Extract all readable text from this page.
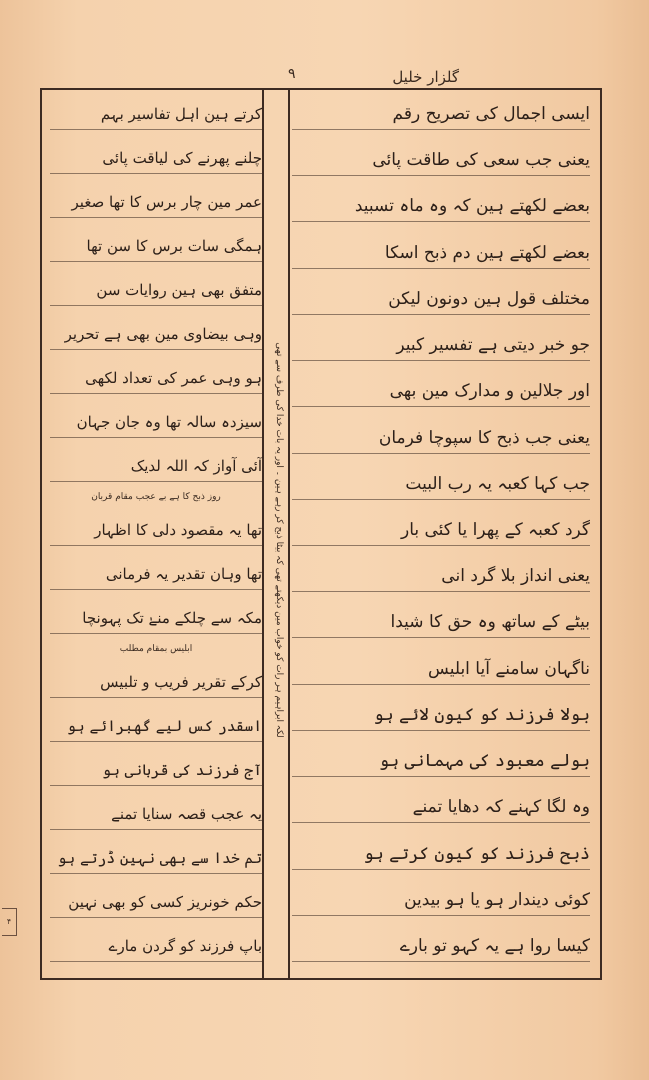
گلزار خلیل
۹
ایسی اجمال کی تصریح رقم
یعنی جب سعی کی طاقت پائی
بعضے لکھتے ہین کہ وہ ماہ تسبید
بعضے لکھتے ہین دم ذبح اسکا
مختلف قول ہین دونون لیکن
جو خبر دیتی ہے تفسیر کبیر
اور جلالین و مدارک مین بھی
یعنی جب ذبح کا سپوچا فرمان
جب کہا کعبہ یہ رب البیت
گرد کعبہ کے پھرا یا کئی بار
یعنی انداز بلا گرد انی
بیٹے کے ساتھ وہ حق کا شیدا
ناگہان سامنے آیا ابلیس
بولا فرزند کو کیون لائے ہو
بولے معبود کی مہمانی ہو
وہ لگا کہنے کہ دھایا تمنے
ذبح فرزند کو کیون کرتے ہو
کوئی دیندار ہو یا ہو بیدین
کیسا روا ہے یہ کہو تو بارے
کرتے ہین اہل تفاسیر بہم
چلنے پھرنے کی لیاقت پائی
عمر مین چار برس کا تھا صغیر
ہمگی سات برس کا سن تھا
متفق بھی ہین روایات سن
وہی بیضاوی مین بھی ہے تحریر
ہو وہی عمر کی تعداد لکھی
سیزدہ سالہ تھا وہ جان جہان
آئی آواز کہ اللہ لدیک
روز ذبح کا ہے بے عجب مقام قربان
تھا یہ مقصود دلی کا اظہار
تھا وہان تقدیر یہ فرمانی
مکہ سے چلکے منےٰ تک پہونچا
ابلیس بمقام مطلب
کرکے تقریر فریب و تلبیس
اسقدر کس لیے گھبرائے ہو
آج فرزند کی قربانی ہو
یہ عجب قصہ سنایا تمنے
تم خدا سے بھی نہین ڈرتے ہو
حکم خونریز کسی کو بھی نہین
باپ فرزند کو گردن مارے
لکہ ابراہیم ہر رات کو خواب مین دیکھتے تھی کہ بیٹا ذبح کر رہے ہین ۔ اور یہ بات خدا کی طرف سے تھی
۴
